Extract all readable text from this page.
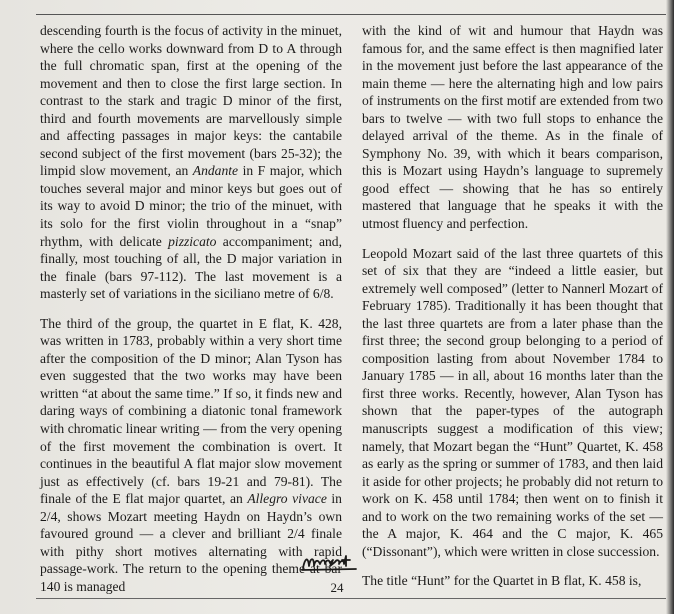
descending fourth is the focus of activity in the minuet, where the cello works downward from D to A through the full chromatic span, first at the opening of the movement and then to close the first large section. In contrast to the stark and tragic D minor of the first, third and fourth movements are marvellously simple and affecting passages in major keys: the cantabile second subject of the first movement (bars 25-32); the limpid slow movement, an Andante in F major, which touches several major and minor keys but goes out of its way to avoid D minor; the trio of the minuet, with its solo for the first violin throughout in a “snap” rhythm, with delicate pizzicato accompaniment; and, finally, most touching of all, the D major variation in the finale (bars 97-112). The last movement is a masterly set of variations in the siciliano metre of 6/8.

The third of the group, the quartet in E flat, K. 428, was written in 1783, probably within a very short time after the composition of the D minor; Alan Tyson has even suggested that the two works may have been written “at about the same time.” If so, it finds new and daring ways of combining a diatonic tonal framework with chromatic linear writing — from the very opening of the first movement the combination is overt. It continues in the beautiful A flat major slow movement just as effectively (cf. bars 19-21 and 79-81). The finale of the E flat major quartet, an Allegro vivace in 2/4, shows Mozart meeting Haydn on Haydn’s own favoured ground — a clever and brilliant 2/4 finale with pithy short motives alternating with rapid passage-work. The return to the opening theme at bar 140 is managed

with the kind of wit and humour that Haydn was famous for, and the same effect is then magnified later in the movement just before the last appearance of the main theme — here the alternating high and low pairs of instruments on the first motif are extended from two bars to twelve — with two full stops to enhance the delayed arrival of the theme. As in the finale of Symphony No. 39, with which it bears comparison, this is Mozart using Haydn’s language to supremely good effect — showing that he has so entirely mastered that language that he speaks it with the utmost fluency and perfection.

Leopold Mozart said of the last three quartets of this set of six that they are “indeed a little easier, but extremely well composed” (letter to Nannerl Mozart of February 1785). Traditionally it has been thought that the last three quartets are from a later phase than the first three; the second group belonging to a period of composition lasting from about November 1784 to January 1785 — in all, about 16 months later than the first three works. Recently, however, Alan Tyson has shown that the paper-types of the autograph manuscripts suggest a modification of this view; namely, that Mozart began the “Hunt” Quartet, K. 458 as early as the spring or summer of 1783, and then laid it aside for other projects; he probably did not return to work on K. 458 until 1784; then went on to finish it and to work on the two remaining works of the set — the A major, K. 464 and the C major, K. 465 (“Dissonant”), which were written in close succession.

The title “Hunt” for the Quartet in B flat, K. 458 is,

24
